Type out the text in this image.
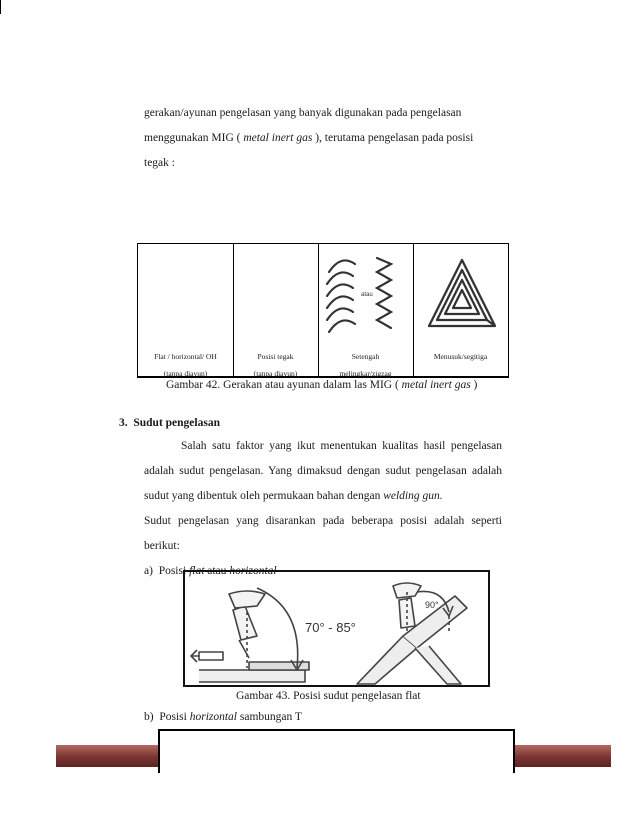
gerakan/ayunan pengelasan yang banyak digunakan pada pengelasan
menggunakan MIG ( metal inert gas ), terutama pengelasan pada posisi
tegak :
atau
Flat / horizontal/ OH
(tanpa diayun)
Posisi tegak
(tanpa diayun)
Setengah
melingkar/zigzag
Menusuk/segitiga
Gambar 42. Gerakan atau ayunan dalam las MIG ( metal inert gas )
3. Sudut pengelasan
Salah satu faktor yang ikut menentukan kualitas hasil pengelasan
adalah sudut pengelasan. Yang dimaksud dengan sudut pengelasan adalah
sudut yang dibentuk oleh permukaan bahan dengan welding gun.
Sudut pengelasan yang disarankan pada beberapa posisi adalah seperti
berikut:
a) Posisi flat atau horizontal
70° - 85°
90°
Gambar 43. Posisi sudut pengelasan flat
b) Posisi horizontal sambungan T
